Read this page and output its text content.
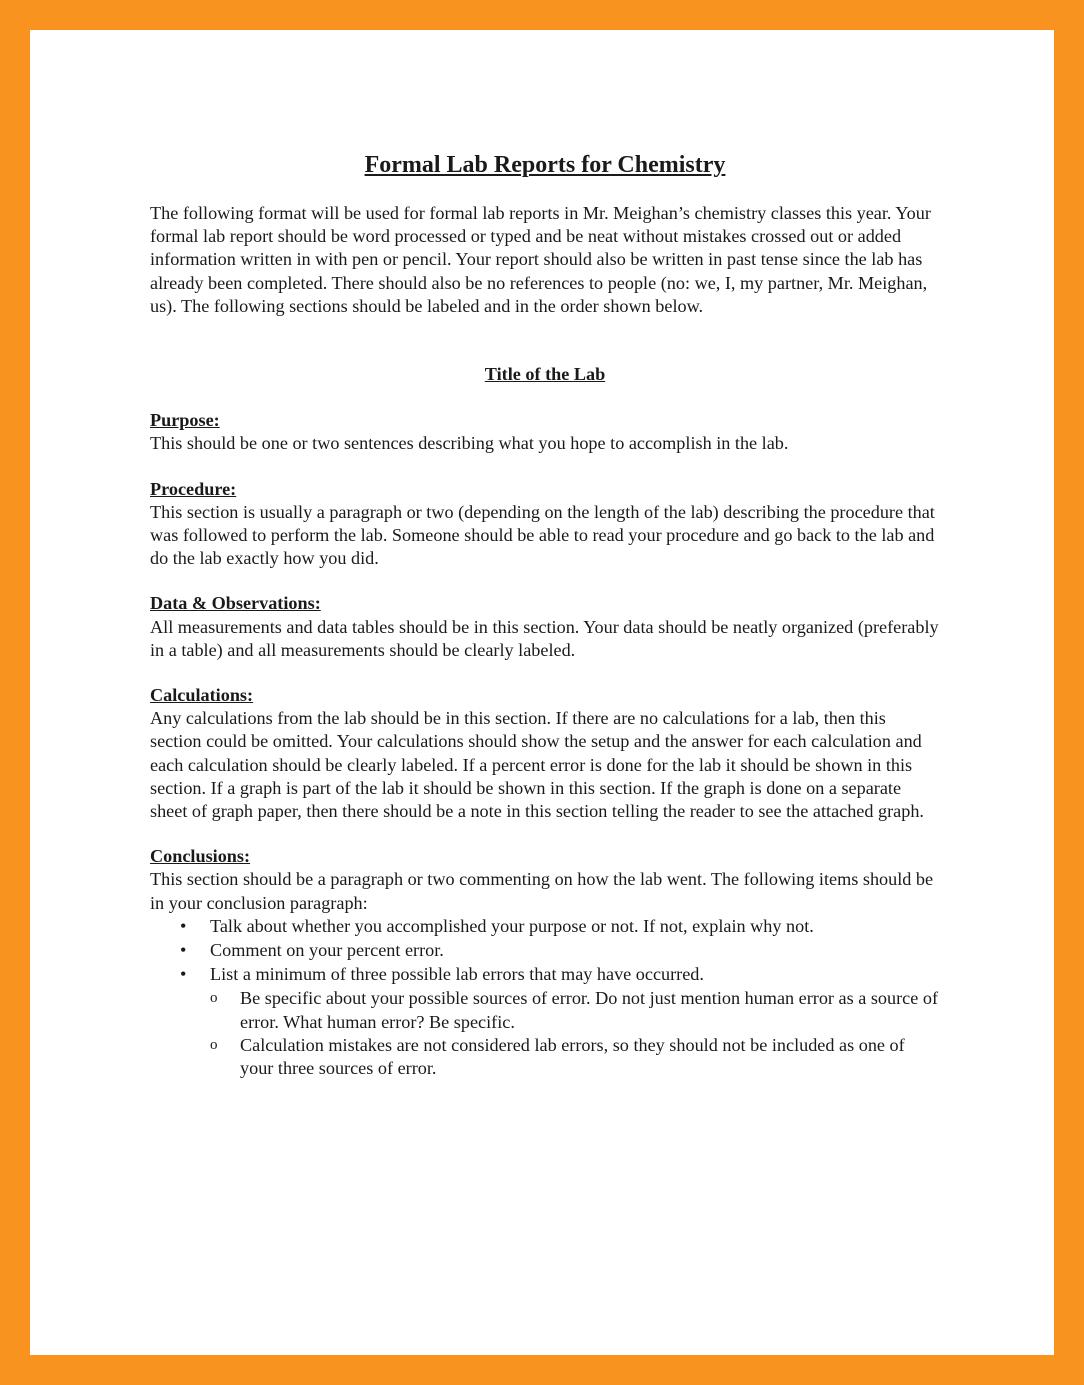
Formal Lab Reports for Chemistry

The following format will be used for formal lab reports in Mr. Meighan’s chemistry classes this year. Your formal lab report should be word processed or typed and be neat without mistakes crossed out or added information written in with pen or pencil. Your report should also be written in past tense since the lab has already been completed. There should also be no references to people (no: we, I, my partner, Mr. Meighan, us). The following sections should be labeled and in the order shown below.

Title of the Lab
Purpose:

This should be one or two sentences describing what you hope to accomplish in the lab.

Procedure:

This section is usually a paragraph or two (depending on the length of the lab) describing the procedure that was followed to perform the lab. Someone should be able to read your procedure and go back to the lab and do the lab exactly how you did.

Data & Observations:

All measurements and data tables should be in this section. Your data should be neatly organized (preferably in a table) and all measurements should be clearly labeled.

Calculations:

Any calculations from the lab should be in this section. If there are no calculations for a lab, then this section could be omitted. Your calculations should show the setup and the answer for each calculation and each calculation should be clearly labeled. If a percent error is done for the lab it should be shown in this section. If a graph is part of the lab it should be shown in this section. If the graph is done on a separate sheet of graph paper, then there should be a note in this section telling the reader to see the attached graph.

Conclusions:

This section should be a paragraph or two commenting on how the lab went. The following items should be in your conclusion paragraph:

• Talk about whether you accomplished your purpose or not. If not, explain why not.
• Comment on your percent error.
• List a minimum of three possible lab errors that may have occurred.
o Be specific about your possible sources of error. Do not just mention human error as a source of error. What human error? Be specific.
o Calculation mistakes are not considered lab errors, so they should not be included as one of your three sources of error.
